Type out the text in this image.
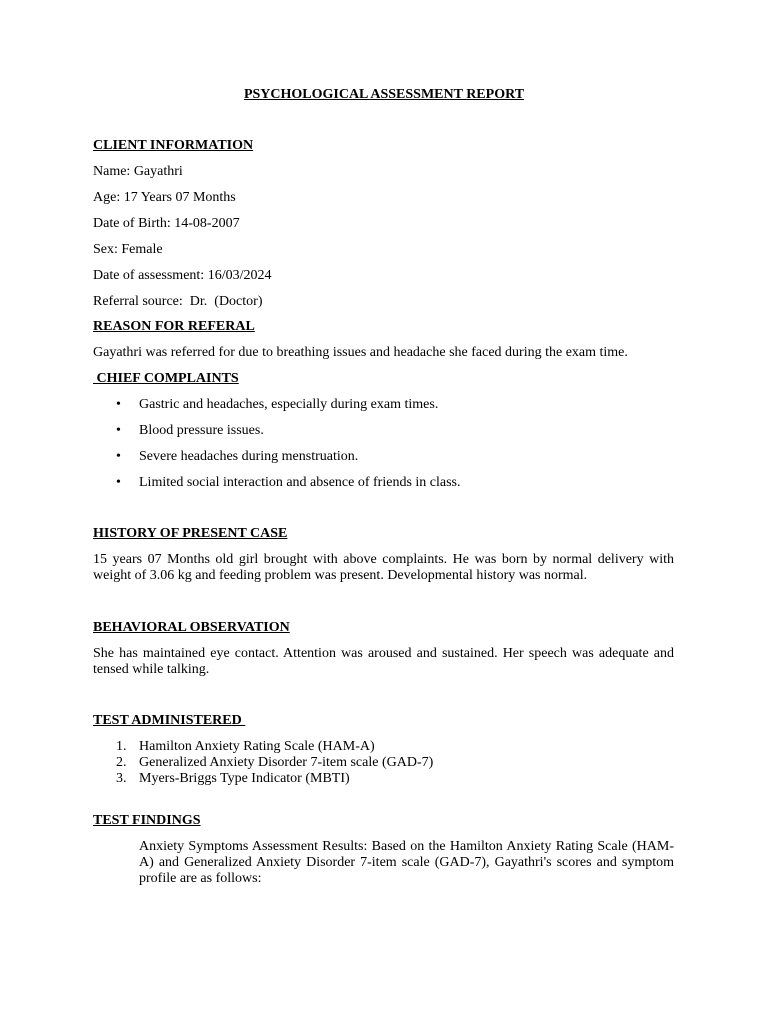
PSYCHOLOGICAL ASSESSMENT REPORT
CLIENT INFORMATION
Name: Gayathri
Age: 17 Years 07 Months
Date of Birth: 14-08-2007
Sex: Female
Date of assessment: 16/03/2024
Referral source:  Dr.  (Doctor)
REASON FOR REFERAL
Gayathri was referred for due to breathing issues and headache she faced during the exam time.
CHIEF COMPLAINTS
• Gastric and headaches, especially during exam times.
• Blood pressure issues.
• Severe headaches during menstruation.
• Limited social interaction and absence of friends in class.
HISTORY OF PRESENT CASE
15 years 07 Months old girl brought with above complaints. He was born by normal delivery with weight of 3.06 kg and feeding problem was present. Developmental history was normal.
BEHAVIORAL OBSERVATION
She has maintained eye contact. Attention was aroused and sustained. Her speech was adequate and tensed while talking.
TEST ADMINISTERED
1. Hamilton Anxiety Rating Scale (HAM-A)
2. Generalized Anxiety Disorder 7-item scale (GAD-7)
3. Myers-Briggs Type Indicator (MBTI)
TEST FINDINGS
Anxiety Symptoms Assessment Results: Based on the Hamilton Anxiety Rating Scale (HAM-A) and Generalized Anxiety Disorder 7-item scale (GAD-7), Gayathri's scores and symptom profile are as follows:
